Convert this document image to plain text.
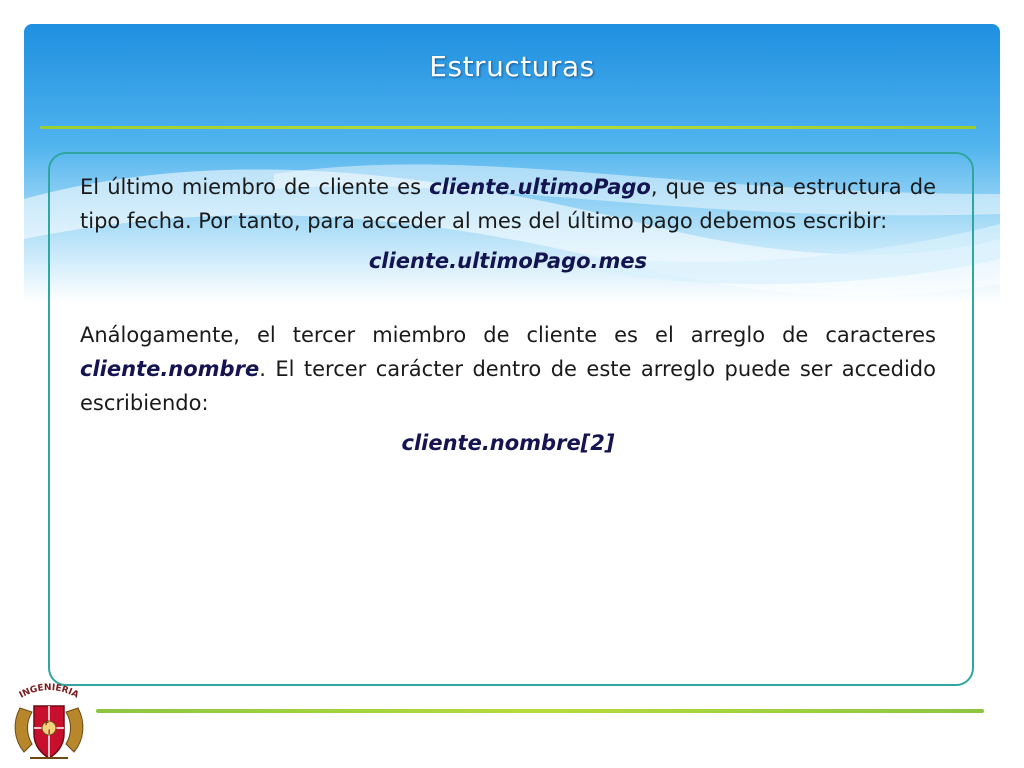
Estructuras

El último miembro de cliente es cliente.ultimoPago, que es una estructura de tipo fecha. Por tanto, para acceder al mes del último pago debemos escribir:

cliente.ultimoPago.mes

Análogamente, el tercer miembro de cliente es el arreglo de caracteres cliente.nombre. El tercer carácter dentro de este arreglo puede ser accedido escribiendo:

cliente.nombre[2]

INGENIERIA
F
I
